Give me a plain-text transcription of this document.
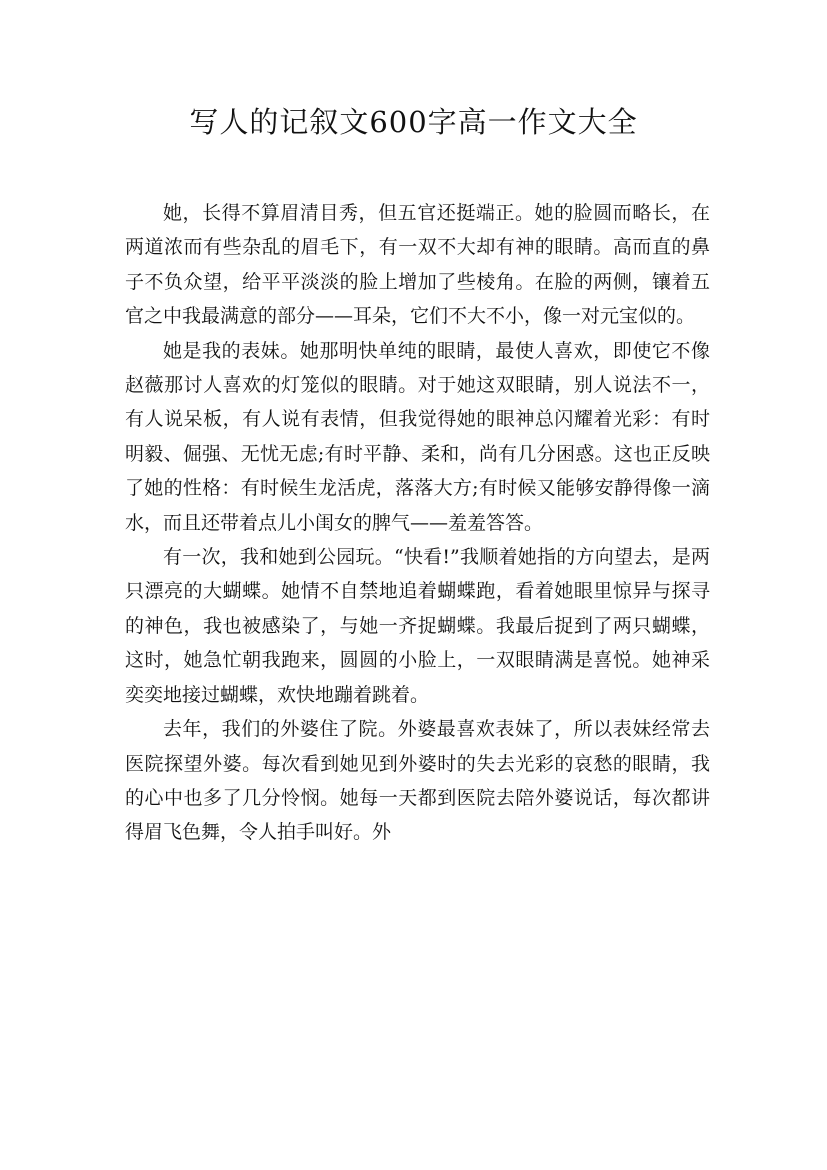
写人的记叙文600字高一作文大全

她，长得不算眉清目秀，但五官还挺端正。她的脸圆而略长，在两道浓而有些杂乱的眉毛下，有一双不大却有神的眼睛。高而直的鼻子不负众望，给平平淡淡的脸上增加了些棱角。在脸的两侧，镶着五官之中我最满意的部分——耳朵，它们不大不小，像一对元宝似的。

她是我的表妹。她那明快单纯的眼睛，最使人喜欢，即使它不像赵薇那讨人喜欢的灯笼似的眼睛。对于她这双眼睛，别人说法不一，有人说呆板，有人说有表情，但我觉得她的眼神总闪耀着光彩：有时明毅、倔强、无忧无虑;有时平静、柔和，尚有几分困惑。这也正反映了她的性格：有时候生龙活虎，落落大方;有时候又能够安静得像一滴水，而且还带着点儿小闺女的脾气——羞羞答答。

有一次，我和她到公园玩。“快看!”我顺着她指的方向望去，是两只漂亮的大蝴蝶。她情不自禁地追着蝴蝶跑，看着她眼里惊异与探寻的神色，我也被感染了，与她一齐捉蝴蝶。我最后捉到了两只蝴蝶，这时，她急忙朝我跑来，圆圆的小脸上，一双眼睛满是喜悦。她神采奕奕地接过蝴蝶，欢快地蹦着跳着。

去年，我们的外婆住了院。外婆最喜欢表妹了，所以表妹经常去医院探望外婆。每次看到她见到外婆时的失去光彩的哀愁的眼睛，我的心中也多了几分怜悯。她每一天都到医院去陪外婆说话，每次都讲得眉飞色舞，令人拍手叫好。外
